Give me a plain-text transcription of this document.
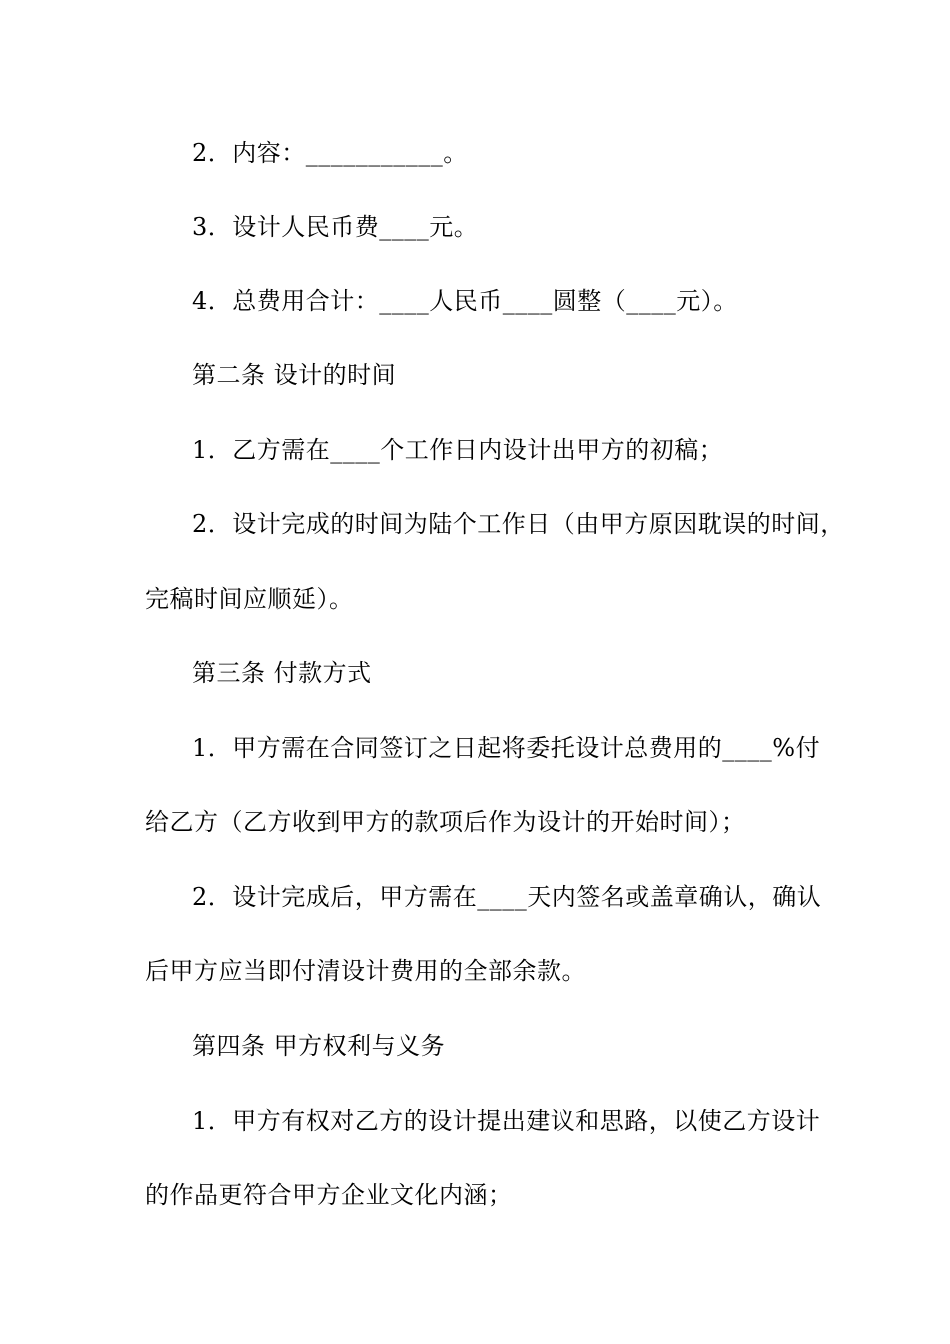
2．内容：___________。
3．设计人民币费____元。
4．总费用合计：____人民币____圆整（____元）。
第二条 设计的时间
1．乙方需在____个工作日内设计出甲方的初稿；
2．设计完成的时间为陆个工作日（由甲方原因耽误的时间，
完稿时间应顺延）。
第三条 付款方式
1．甲方需在合同签订之日起将委托设计总费用的____%付
给乙方（乙方收到甲方的款项后作为设计的开始时间）；
2．设计完成后，甲方需在____天内签名或盖章确认，确认
后甲方应当即付清设计费用的全部余款。
第四条 甲方权利与义务
1．甲方有权对乙方的设计提出建议和思路，以使乙方设计
的作品更符合甲方企业文化内涵；
